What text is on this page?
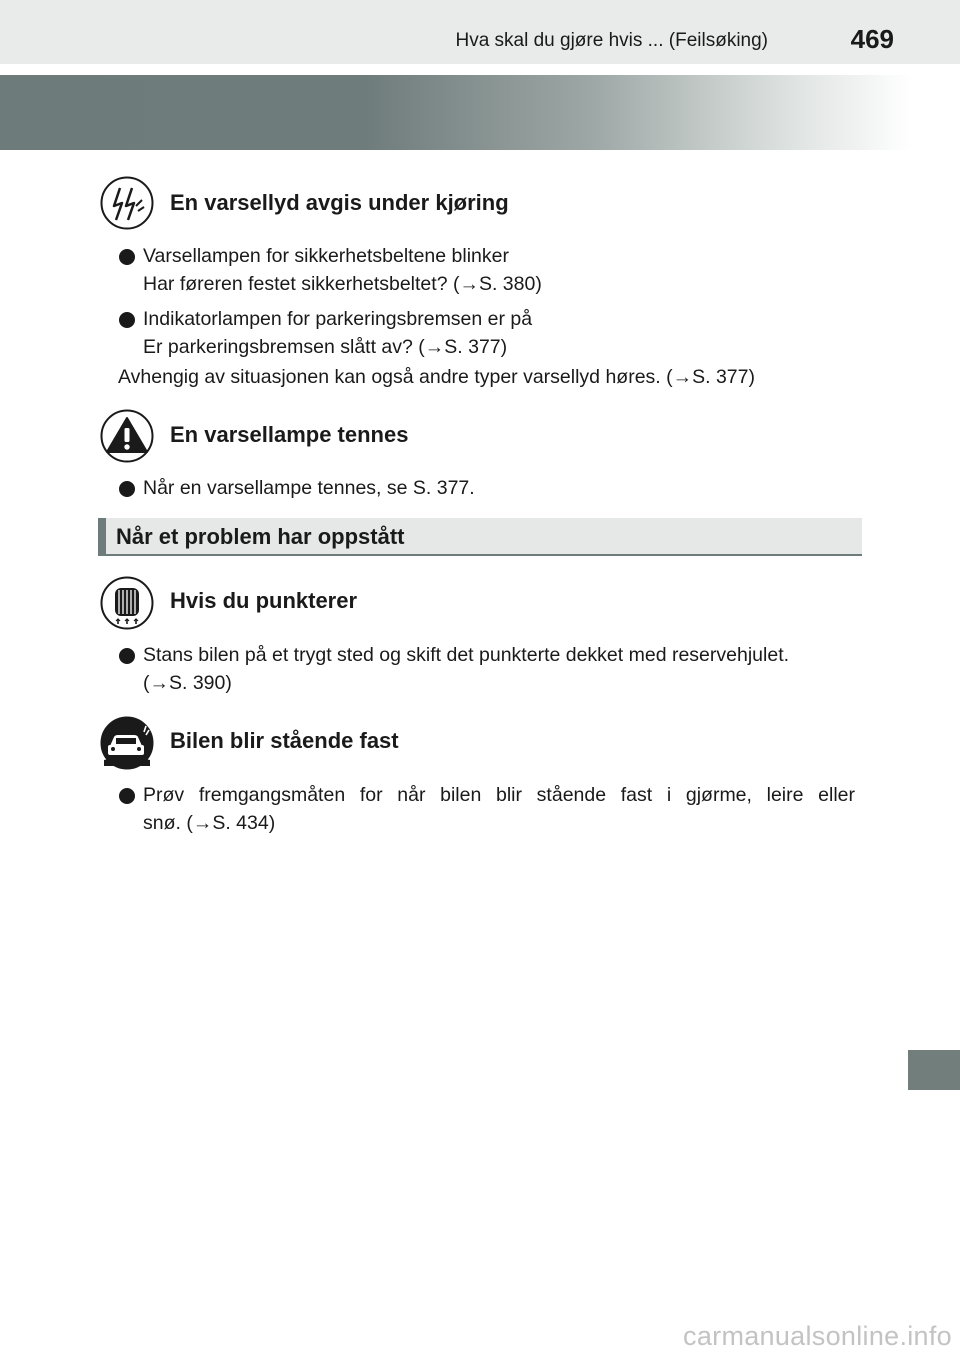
Hva skal du gjøre hvis ... (Feilsøking)	469
En varsellyd avgis under kjøring
Varsellampen for sikkerhetsbeltene blinker
Har føreren festet sikkerhetsbeltet? (→S. 380)
Indikatorlampen for parkeringsbremsen er på
Er parkeringsbremsen slått av? (→S. 377)
Avhengig av situasjonen kan også andre typer varsellyd høres. (→S. 377)
En varsellampe tennes
Når en varsellampe tennes, se S. 377.
Når et problem har oppstått
Hvis du punkterer
Stans bilen på et trygt sted og skift det punkterte dekket med reservehjulet.
(→S. 390)
Bilen blir stående fast
Prøv fremgangsmåten for når bilen blir stående fast i gjørme, leire eller
snø. (→S. 434)
carmanualsonline.info
